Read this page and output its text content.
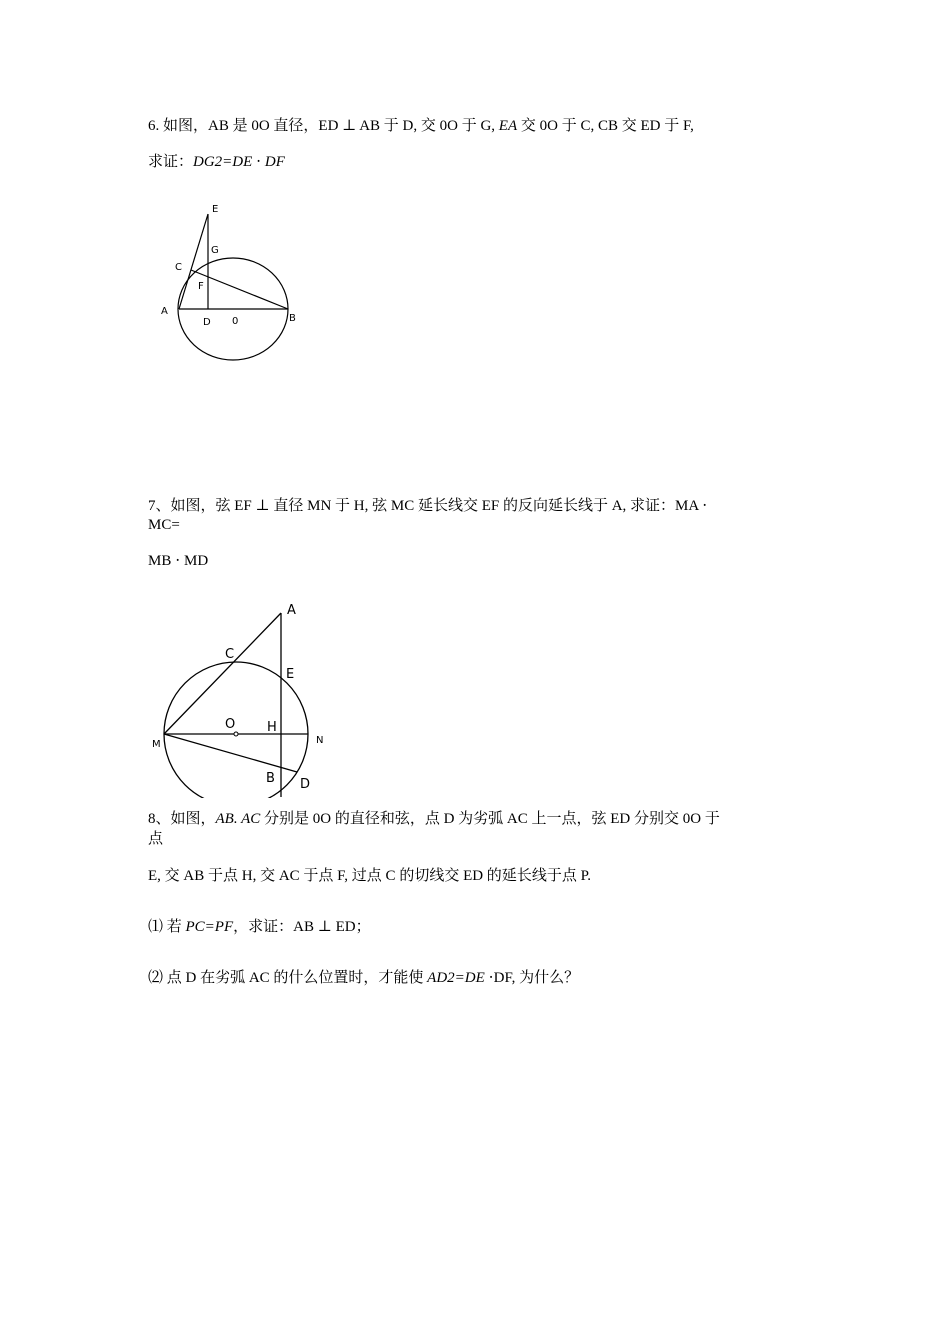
6. 如图，AB 是 0O 直径，ED ⊥ AB 于 D, 交 0O 于 G, EA 交 0O 于 C, CB 交 ED 于 F,
求证：DG2=DE ⋅ DF
E
G
C
F
A
D 0	B
7、如图，弦 EF ⊥ 直径 MN 于 H, 弦 MC 延长线交 EF 的反向延长线于 A, 求证：MA ⋅
MC=
MB ⋅ MD
A
C
E
O H
M	N
B D
8、如图，AB. AC 分别是 0O 的直径和弦，点 D 为劣弧 AC 上一点，弦 ED 分别交 0O 于
点
E, 交 AB 于点 H, 交 AC 于点 F, 过点 C 的切线交 ED 的延长线于点 P.
⑴ 若 PC=PF，求证：AB ⊥ ED；
⑵ 点 D 在劣弧 AC 的什么位置时，才能使 AD2=DE ⋅DF, 为什么？
